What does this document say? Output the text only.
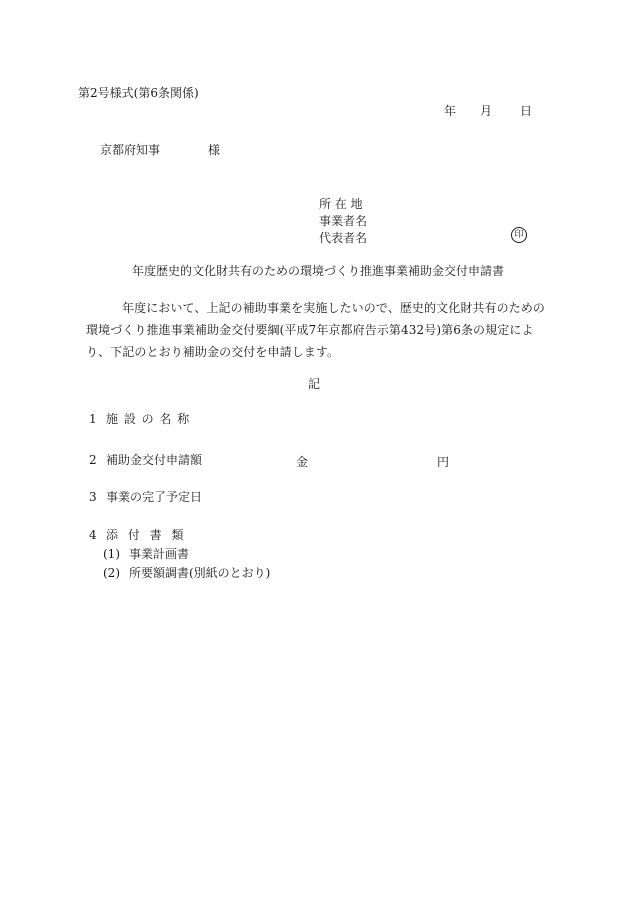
第2号様式(第6条関係)
年 月 日
京都府知事	様
所 在 地
事業者名
代表者名	印
年度歴史的文化財共有のための環境づくり推進事業補助金交付申請書
年度において、上記の補助事業を実施したいので、歴史的文化財共有のための環境づくり推進事業補助金交付要綱(平成7年京都府告示第432号)第6条の規定により、下記のとおり補助金の交付を申請します。
記
1 施 設 の 名 称
2 補助金交付申請額	金	円
3 事業の完了予定日
4 添 付 書 類
(1) 事業計画書
(2) 所要額調書(別紙のとおり)
